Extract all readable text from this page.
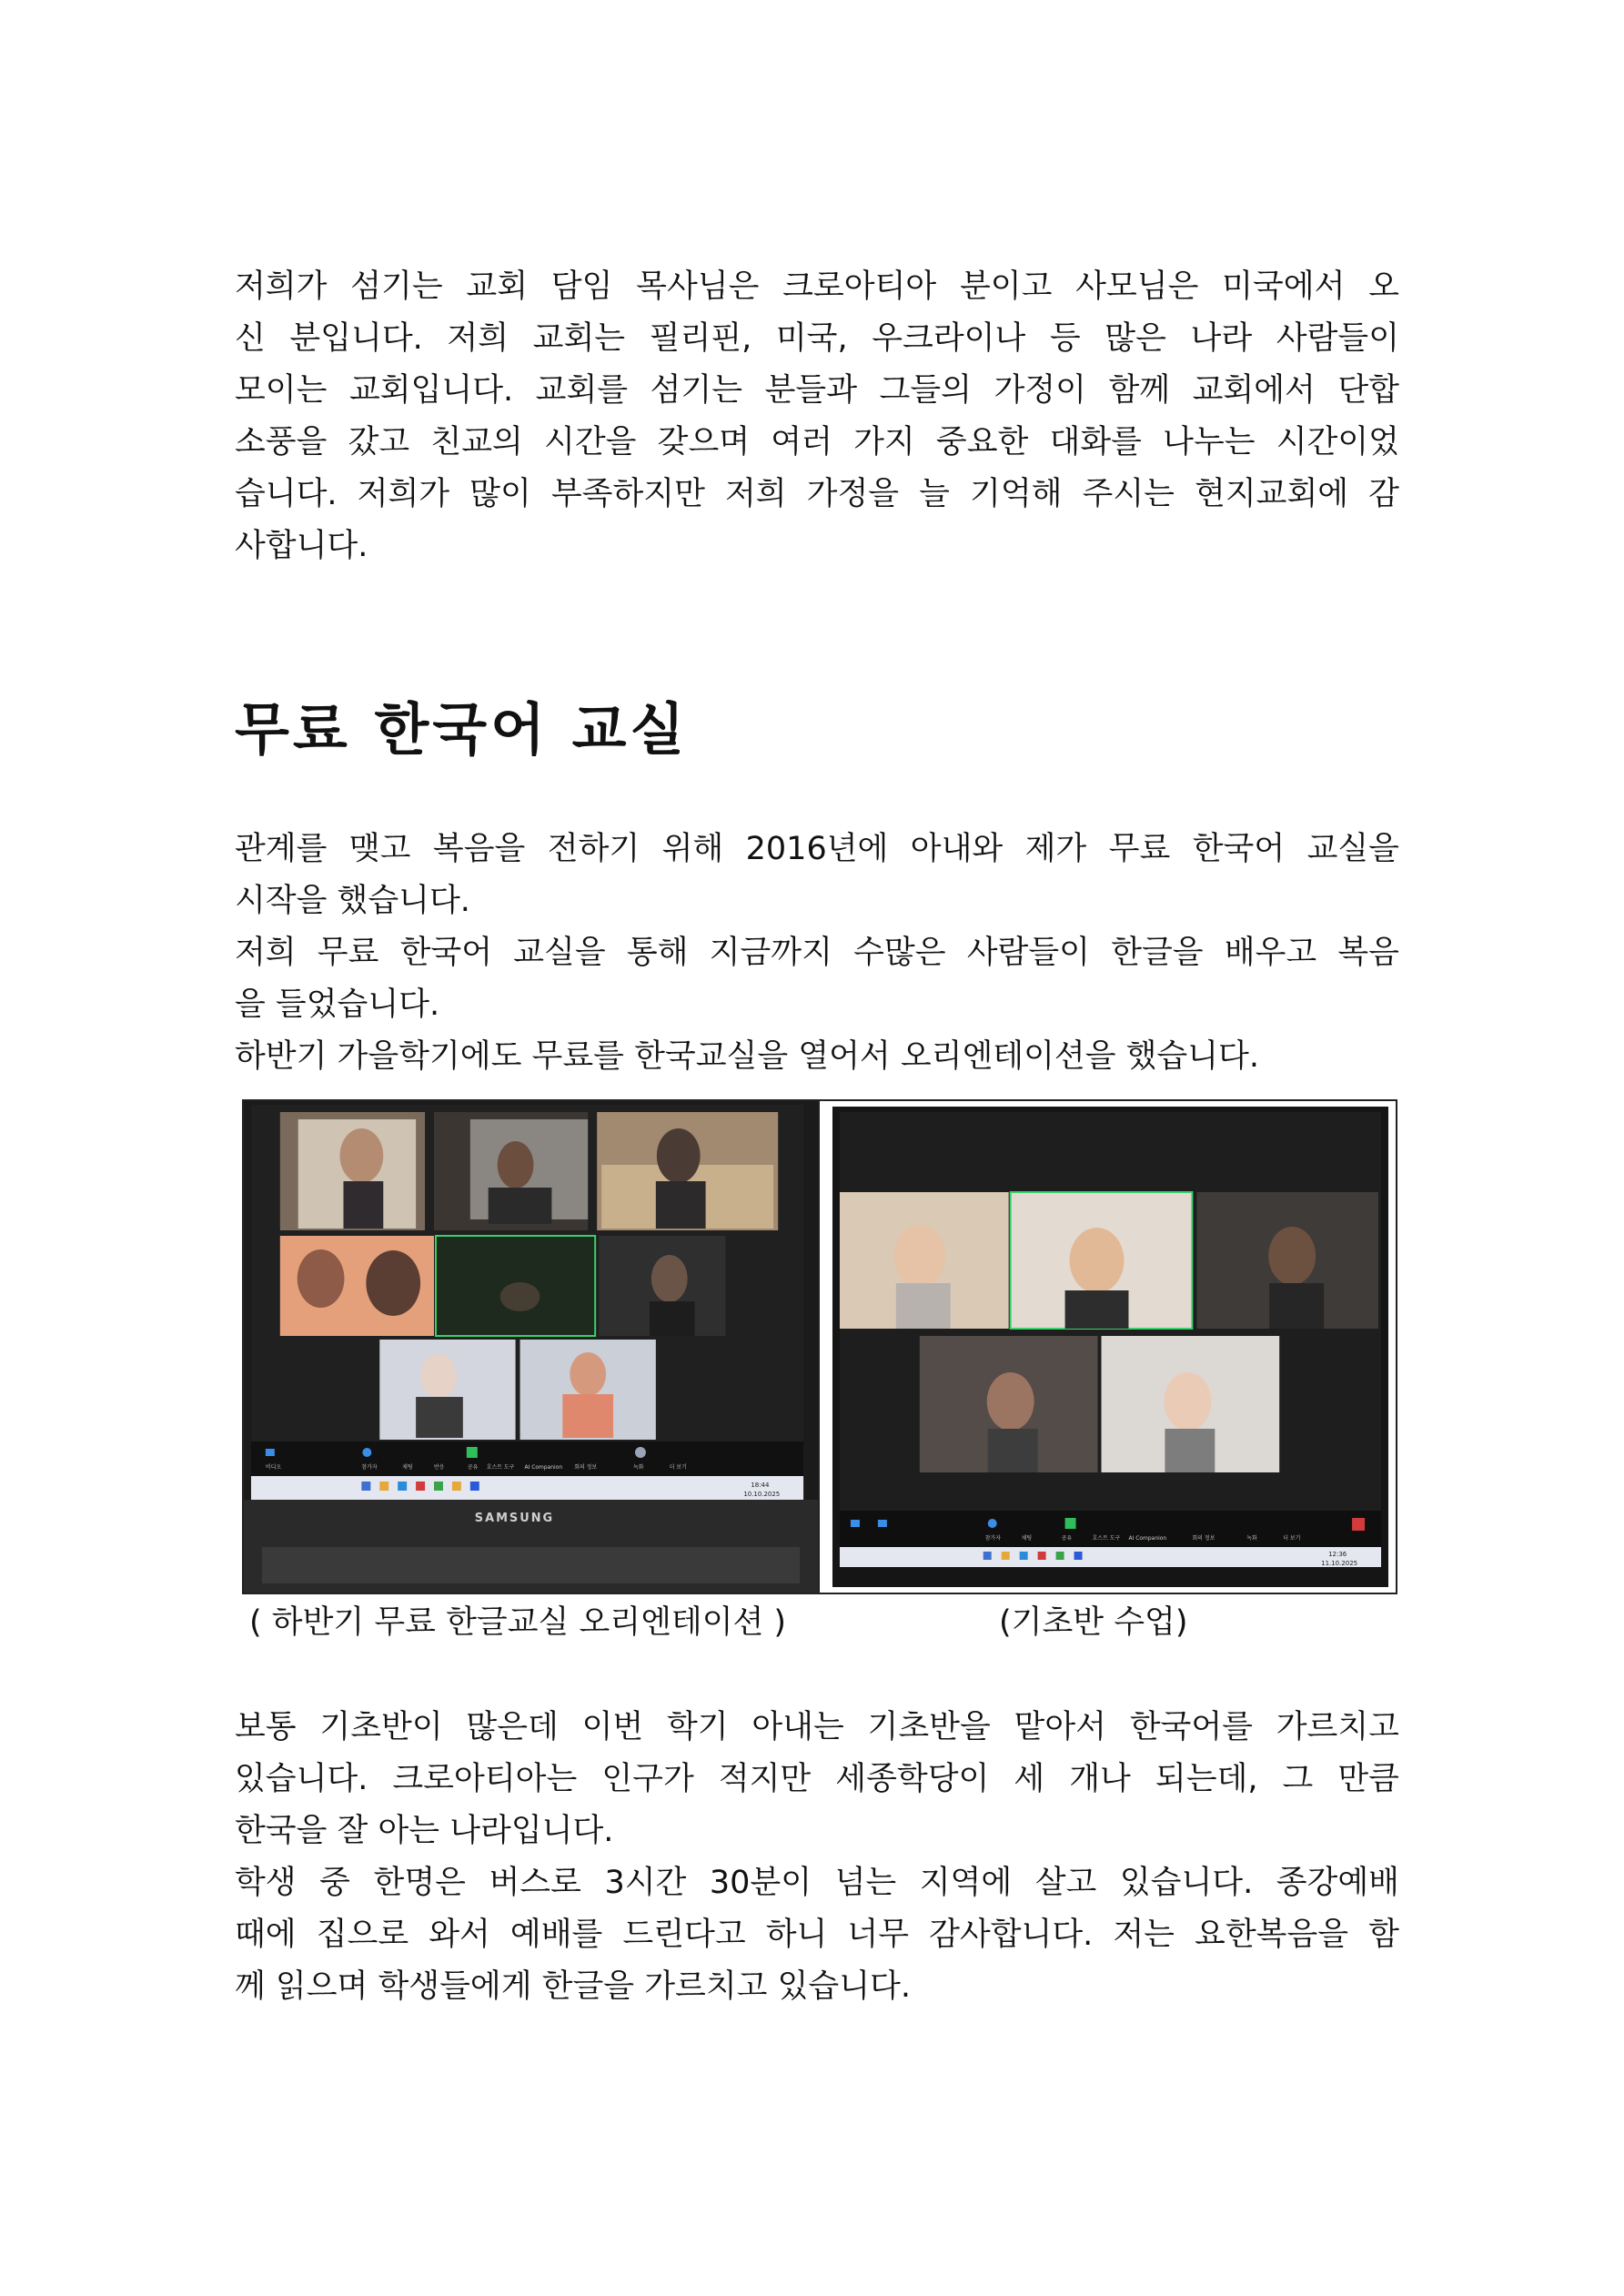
저희가 섬기는 교회 담임 목사님은 크로아티아 분이고 사모님은 미국에서 오
신 분입니다. 저희 교회는 필리핀, 미국, 우크라이나 등 많은 나라 사람들이
모이는 교회입니다. 교회를 섬기는 분들과 그들의 가정이 함께 교회에서 단합
소풍을 갔고 친교의 시간을 갖으며 여러 가지 중요한 대화를 나누는 시간이었
습니다. 저희가 많이 부족하지만 저희 가정을 늘 기억해 주시는 현지교회에 감
사합니다.
무료 한국어 교실
관계를 맺고 복음을 전하기 위해 2016년에 아내와 제가 무료 한국어 교실을
시작을 했습니다.
저희 무료 한국어 교실을 통해 지금까지 수많은 사람들이 한글을 배우고 복음
을 들었습니다.
하반기 가을학기에도 무료를 한국교실을 열어서 오리엔테이션을 했습니다.
비디오	참가자	채팅	반응	공유 호스트 도구 AI Companion 회의 정보	녹화	더 보기
18:44
10.10.2025
SAMSUNG
참가자	채팅	공유	호스트 도구 AI Companion	회의 정보	녹화	더 보기
12:36
11.10.2025
( 하반기 무료 한글교실 오리엔테이션 )	(기초반 수업)
보통 기초반이 많은데 이번 학기 아내는 기초반을 맡아서 한국어를 가르치고
있습니다. 크로아티아는 인구가 적지만 세종학당이 세 개나 되는데, 그 만큼
한국을 잘 아는 나라입니다.
학생 중 한명은 버스로 3시간 30분이 넘는 지역에 살고 있습니다. 종강예배
때에 집으로 와서 예배를 드린다고 하니 너무 감사합니다. 저는 요한복음을 함
께 읽으며 학생들에게 한글을 가르치고 있습니다.
